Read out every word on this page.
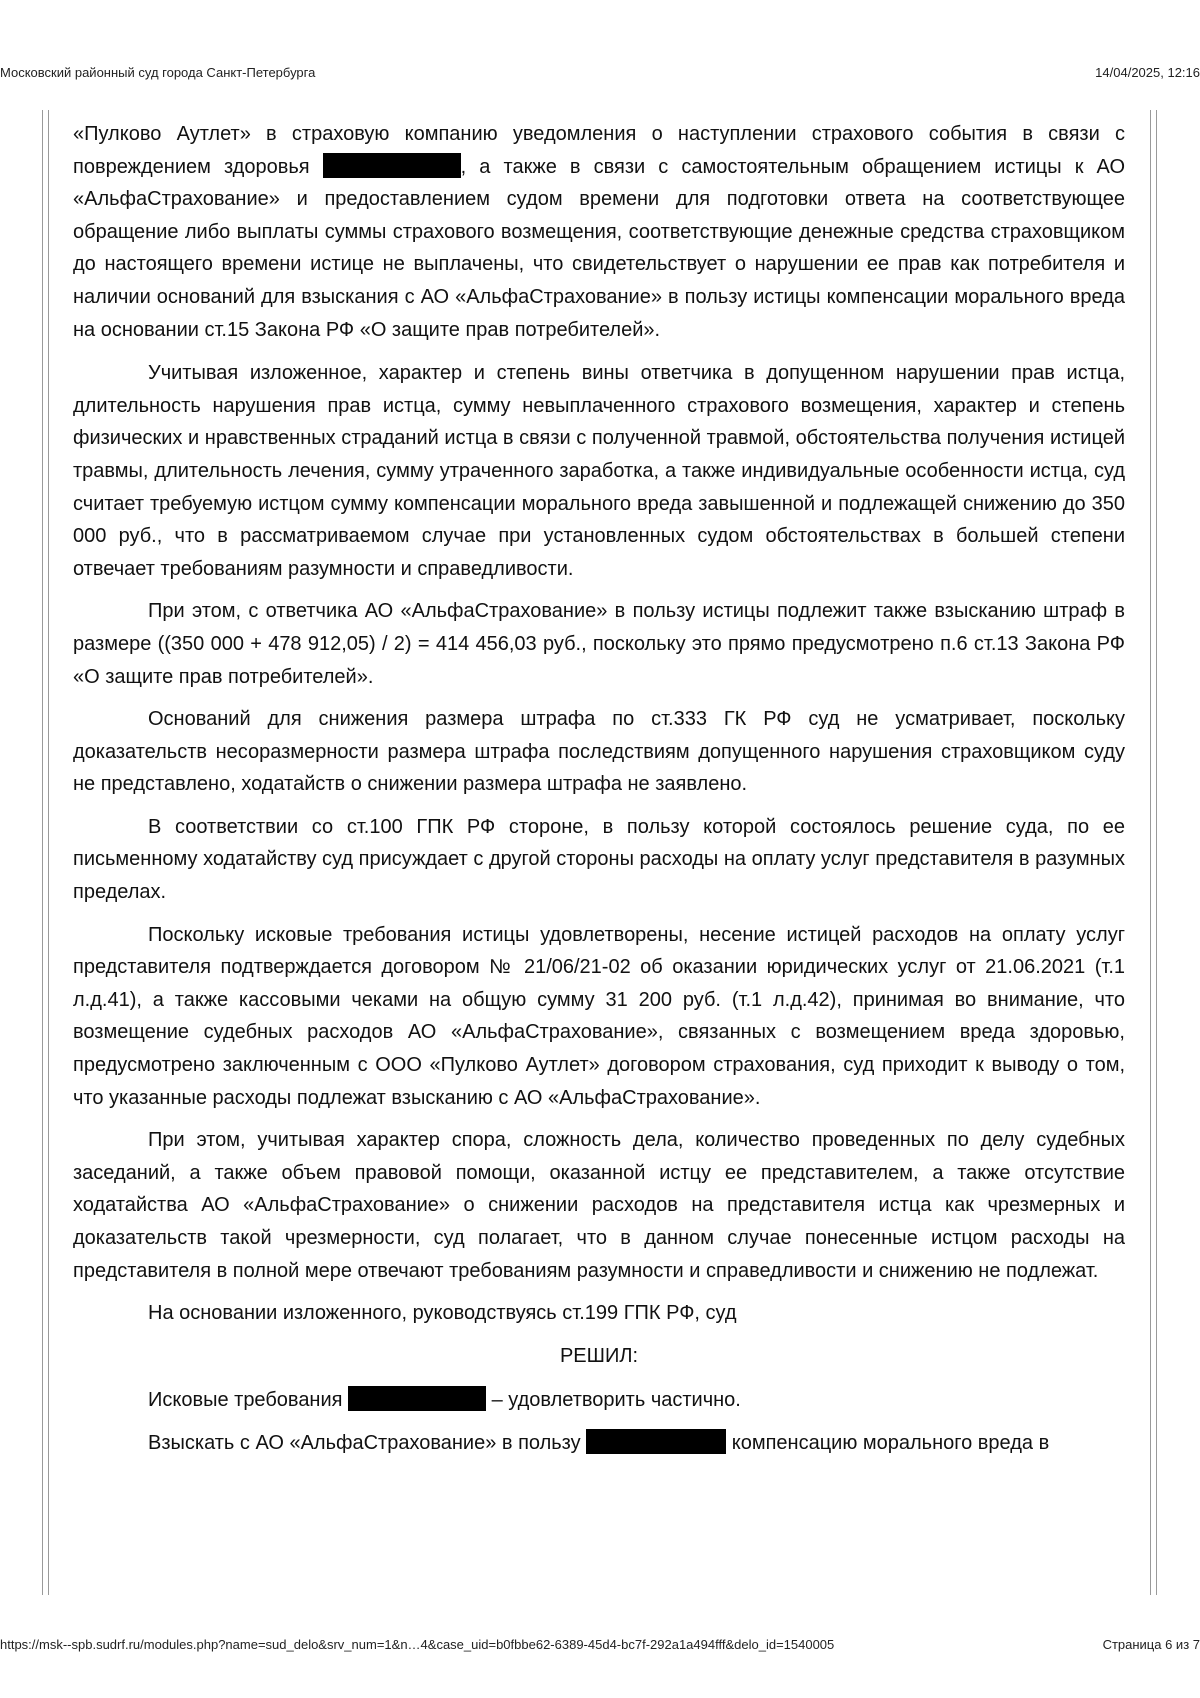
Московский районный суд города Санкт-Петербурга	14/04/2025, 12:16

«Пулково Аутлет» в страховую компанию уведомления о наступлении страхового события в связи с повреждением здоровья	, а также в связи с самостоятельным обращением истицы к АО «АльфаСтрахование» и предоставлением судом времени для подготовки ответа на соответствующее обращение либо выплаты суммы страхового возмещения, соответствующие денежные средства страховщиком до настоящего времени истице не выплачены, что свидетельствует о нарушении ее прав как потребителя и наличии оснований для взыскания с АО «АльфаСтрахование» в пользу истицы компенсации морального вреда на основании ст.15 Закона РФ «О защите прав потребителей».

Учитывая изложенное, характер и степень вины ответчика в допущенном нарушении прав истца, длительность нарушения прав истца, сумму невыплаченного страхового возмещения, характер и степень физических и нравственных страданий истца в связи с полученной травмой, обстоятельства получения истицей травмы, длительность лечения, сумму утраченного заработка, а также индивидуальные особенности истца, суд считает требуемую истцом сумму компенсации морального вреда завышенной и подлежащей снижению до 350 000 руб., что в рассматриваемом случае при установленных судом обстоятельствах в большей степени отвечает требованиям разумности и справедливости.

При этом, с ответчика АО «АльфаСтрахование» в пользу истицы подлежит также взысканию штраф в размере ((350 000 + 478 912,05) / 2) = 414 456,03 руб., поскольку это прямо предусмотрено п.6 ст.13 Закона РФ «О защите прав потребителей».

Оснований для снижения размера штрафа по ст.333 ГК РФ суд не усматривает, поскольку доказательств несоразмерности размера штрафа последствиям допущенного нарушения страховщиком суду не представлено, ходатайств о снижении размера штрафа не заявлено.

В соответствии со ст.100 ГПК РФ стороне, в пользу которой состоялось решение суда, по ее письменному ходатайству суд присуждает с другой стороны расходы на оплату услуг представителя в разумных пределах.

Поскольку исковые требования истицы удовлетворены, несение истицей расходов на оплату услуг представителя подтверждается договором № 21/06/21-02 об оказании юридических услуг от 21.06.2021 (т.1 л.д.41), а также кассовыми чеками на общую сумму 31 200 руб. (т.1 л.д.42), принимая во внимание, что возмещение судебных расходов АО «АльфаСтрахование», связанных с возмещением вреда здоровью, предусмотрено заключенным с ООО «Пулково Аутлет» договором страхования, суд приходит к выводу о том, что указанные расходы подлежат взысканию с АО «АльфаСтрахование».

При этом, учитывая характер спора, сложность дела, количество проведенных по делу судебных заседаний, а также объем правовой помощи, оказанной истцу ее представителем, а также отсутствие ходатайства АО «АльфаСтрахование» о снижении расходов на представителя истца как чрезмерных и доказательств такой чрезмерности, суд полагает, что в данном случае понесенные истцом расходы на представителя в полной мере отвечают требованиям разумности и справедливости и снижению не подлежат.

На основании изложенного, руководствуясь ст.199 ГПК РФ, суд

РЕШИЛ:

Исковые требования	– удовлетворить частично.

Взыскать с АО «АльфаСтрахование» в пользу	компенсацию морального вреда в

https://msk--spb.sudrf.ru/modules.php?name=sud_delo&srv_num=1&n…4&case_uid=b0fbbe62-6389-45d4-bc7f-292a1a494fff&delo_id=1540005	Страница 6 из 7
